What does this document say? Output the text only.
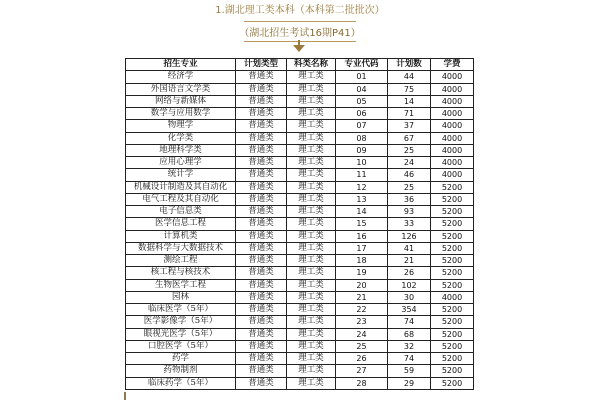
1.湖北理工类本科（本科第二批批次）
（湖北招生考试16期P41）
招生专业	计划类型	科类名称	专业代码	计划数	学费
经济学	普通类	理工类	01	44	4000
外国语言文学类	普通类	理工类	04	75	4000
网络与新媒体	普通类	理工类	05	14	4000
数学与应用数学	普通类	理工类	06	71	4000
物理学	普通类	理工类	07	37	4000
化学类	普通类	理工类	08	67	4000
地理科学类	普通类	理工类	09	25	4000
应用心理学	普通类	理工类	10	24	4000
统计学	普通类	理工类	11	46	4000
机械设计制造及其自动化	普通类	理工类	12	25	5200
电气工程及其自动化	普通类	理工类	13	36	5200
电子信息类	普通类	理工类	14	93	5200
医学信息工程	普通类	理工类	15	33	5200
计算机类	普通类	理工类	16	126	5200
数据科学与大数据技术	普通类	理工类	17	41	5200
测绘工程	普通类	理工类	18	21	5200
核工程与核技术	普通类	理工类	19	26	5200
生物医学工程	普通类	理工类	20	102	5200
园林	普通类	理工类	21	30	4000
临床医学（5年）	普通类	理工类	22	354	5200
医学影像学（5年）	普通类	理工类	23	74	5200
眼视光医学（5年）	普通类	理工类	24	68	5200
口腔医学（5年）	普通类	理工类	25	32	5200
药学	普通类	理工类	26	74	5200
药物制剂	普通类	理工类	27	59	5200
临床药学（5年）	普通类	理工类	28	29	5200
